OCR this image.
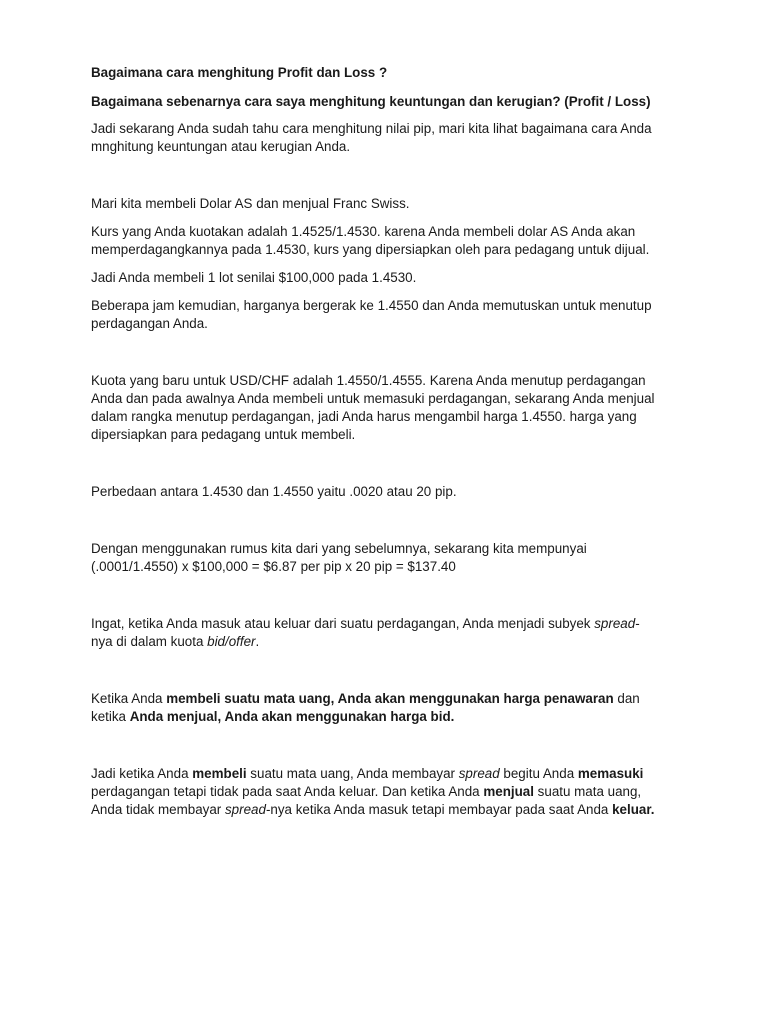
Bagaimana cara menghitung Profit dan Loss ?

Bagaimana sebenarnya cara saya menghitung keuntungan dan kerugian? (Profit / Loss)

Jadi sekarang Anda sudah tahu cara menghitung nilai pip, mari kita lihat bagaimana cara Anda
mnghitung keuntungan atau kerugian Anda.

Mari kita membeli Dolar AS dan menjual Franc Swiss.

Kurs yang Anda kuotakan adalah 1.4525/1.4530. karena Anda membeli dolar AS Anda akan
memperdagangkannya pada 1.4530, kurs yang dipersiapkan oleh para pedagang untuk dijual.

Jadi Anda membeli 1 lot senilai $100,000 pada 1.4530.

Beberapa jam kemudian, harganya bergerak ke 1.4550 dan Anda memutuskan untuk menutup
perdagangan Anda.

Kuota yang baru untuk USD/CHF adalah 1.4550/1.4555. Karena Anda menutup perdagangan
Anda dan pada awalnya Anda membeli untuk memasuki perdagangan, sekarang Anda menjual
dalam rangka menutup perdagangan, jadi Anda harus mengambil harga 1.4550. harga yang
dipersiapkan para pedagang untuk membeli.

Perbedaan antara 1.4530 dan 1.4550 yaitu .0020 atau 20 pip.

Dengan menggunakan rumus kita dari yang sebelumnya, sekarang kita mempunyai
(.0001/1.4550) x $100,000 = $6.87 per pip x 20 pip = $137.40

Ingat, ketika Anda masuk atau keluar dari suatu perdagangan, Anda menjadi subyek spread-
nya di dalam kuota bid/offer.

Ketika Anda membeli suatu mata uang, Anda akan menggunakan harga penawaran dan
ketika Anda menjual, Anda akan menggunakan harga bid.

Jadi ketika Anda membeli suatu mata uang, Anda membayar spread begitu Anda memasuki
perdagangan tetapi tidak pada saat Anda keluar. Dan ketika Anda menjual suatu mata uang,
Anda tidak membayar spread-nya ketika Anda masuk tetapi membayar pada saat Anda keluar.
